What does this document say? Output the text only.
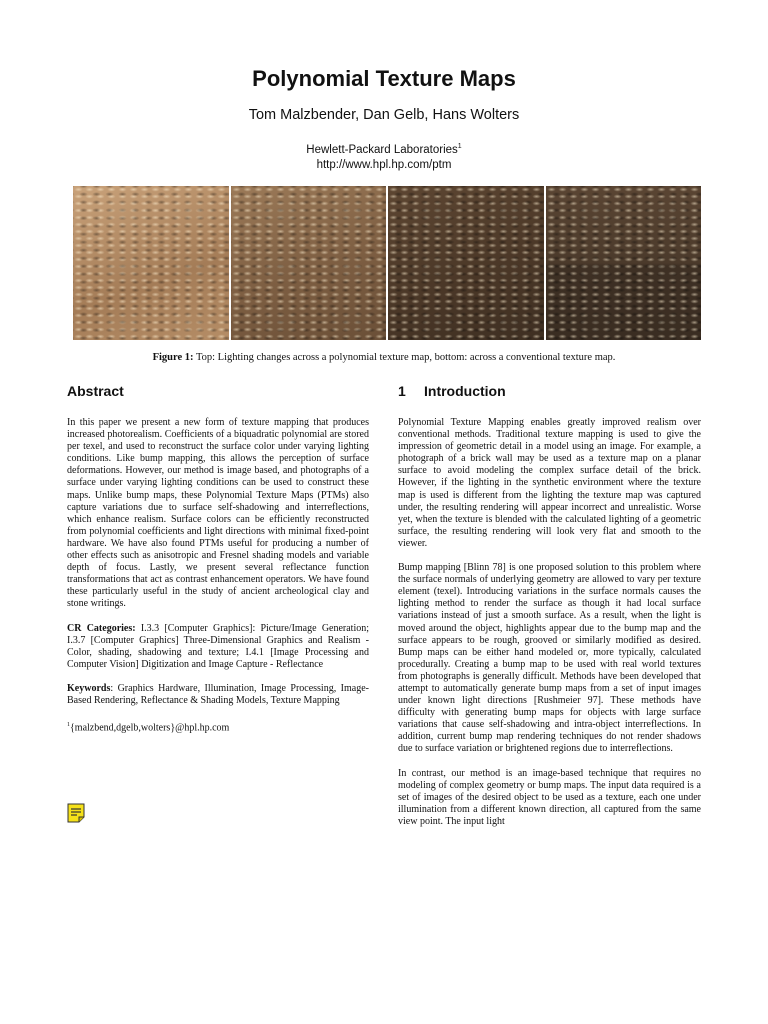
Polynomial Texture Maps
Tom Malzbender, Dan Gelb, Hans Wolters
Hewlett-Packard Laboratories$^1$
http://www.hpl.hp.com/ptm
Figure 1: Top: Lighting changes across a polynomial texture map, bottom: across a conventional texture map.
Abstract

In this paper we present a new form of texture mapping that produces increased photorealism. Coefficients of a biquadratic polynomial are stored per texel, and used to reconstruct the surface color under varying lighting conditions. Like bump mapping, this allows the perception of surface deformations. However, our method is image based, and photographs of a surface under varying lighting conditions can be used to construct these maps. Unlike bump maps, these Polynomial Texture Maps (PTMs) also capture variations due to surface self-shadowing and interreflections, which enhance realism. Surface colors can be efficiently reconstructed from polynomial coefficients and light directions with minimal fixed-point hardware. We have also found PTMs useful for producing a number of other effects such as anisotropic and Fresnel shading models and variable depth of focus. Lastly, we present several reflectance function transformations that act as contrast enhancement operators. We have found these particularly useful in the study of ancient archeological clay and stone writings.

CR Categories: I.3.3 [Computer Graphics]: Picture/Image Generation; I.3.7 [Computer Graphics] Three-Dimensional Graphics and Realism - Color, shading, shadowing and texture; I.4.1 [Image Processing and Computer Vision] Digitization and Image Capture - Reflectance

Keywords: Graphics Hardware, Illumination, Image Processing, Image-Based Rendering, Reflectance & Shading Models, Texture Mapping

$^1${malzbend,dgelb,wolters}@hpl.hp.com

1 Introduction

Polynomial Texture Mapping enables greatly improved realism over conventional methods. Traditional texture mapping is used to give the impression of geometric detail in a model using an image. For example, a photograph of a brick wall may be used as a texture map on a planar surface to avoid modeling the complex surface detail of the brick. However, if the lighting in the synthetic environment where the texture map is used is different from the lighting the texture map was captured under, the resulting rendering will appear incorrect and unrealistic. Worse yet, when the texture is blended with the calculated lighting of a geometric surface, the resulting rendering will look very flat and smooth to the viewer.

Bump mapping [Blinn 78] is one proposed solution to this problem where the surface normals of underlying geometry are allowed to vary per texture element (texel). Introducing variations in the surface normals causes the lighting method to render the surface as though it had local surface variations instead of just a smooth surface. As a result, when the light is moved around the object, highlights appear due to the bump map and the surface appears to be rough, grooved or similarly modified as desired. Bump maps can be either hand modeled or, more typically, calculated procedurally. Creating a bump map to be used with real world textures from photographs is generally difficult. Methods have been developed that attempt to automatically generate bump maps from a set of input images under known light directions [Rushmeier 97]. These methods have difficulty with generating bump maps for objects with large surface variations that cause self-shadowing and intra-object interreflections. In addition, current bump map rendering techniques do not render shadows due to surface variation or brightened regions due to interreflections.

In contrast, our method is an image-based technique that requires no modeling of complex geometry or bump maps. The input data required is a set of images of the desired object to be used as a texture, each one under illumination from a different known direction, all captured from the same view point. The input light
